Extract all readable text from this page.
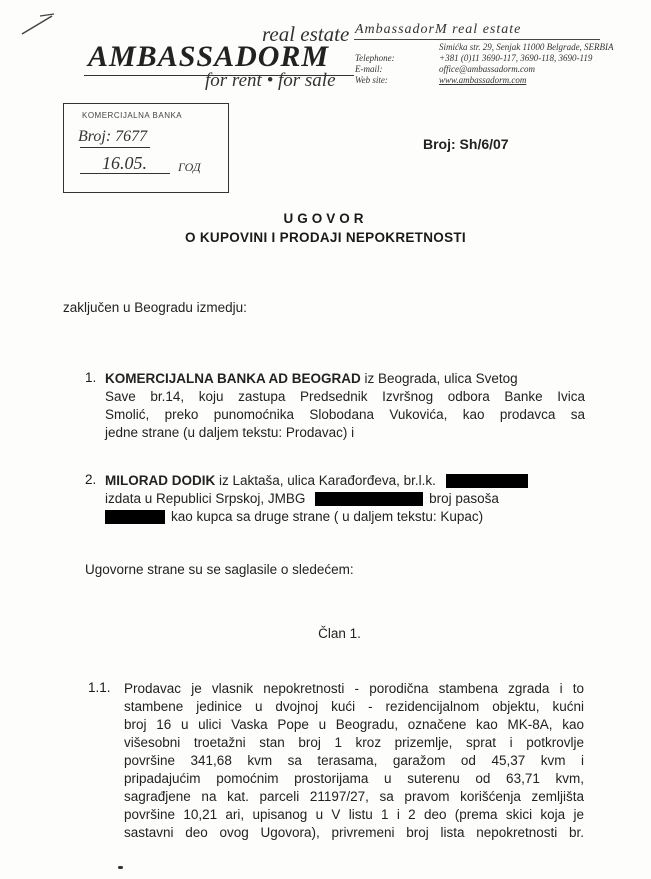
real estate
AMBASSADORM
for rent • for sale
AmbassadorM real estate
Simićka str. 29, Senjak 11000 Belgrade, SERBIA
Telephone:	+381 (0)11 3690-117, 3690-118, 3690-119
E-mail:	office@ambassadorm.com
Web site:	www.ambassadorm.com
KOMERCIJALNA BANKA
Broj: 7677
16.05.	ГОД
Broj: Sh/6/07
UGOVOR
O KUPOVINI I PRODAJI NEPOKRETNOSTI
zaključen u Beogradu izmedju:
1. KOMERCIJALNA BANKA AD BEOGRAD iz Beograda, ulica Svetog
Save br.14, koju zastupa Predsednik Izvršnog odbora Banke Ivica
Smolić, preko punomoćnika Slobodana Vukovića, kao prodavca sa
jedne strane (u daljem tekstu: Prodavac) i
2. MILORAD DODIK iz Laktaša, ulica Karađorđeva, br.l.k.
izdata u Republici Srpskoj, JMBG	broj pasoša
kao kupca sa druge strane ( u daljem tekstu: Kupac)
Ugovorne strane su se saglasile o sledećem:
Član 1.
1.1. Prodavac je vlasnik nepokretnosti - porodična stambena zgrada i to
stambene jedinice u dvojnoj kući - rezidencijalnom objektu, kućni
broj 16 u ulici Vaska Pope u Beogradu, označene kao MK-8A, kao
višesobni troetažni stan broj 1 kroz prizemlje, sprat i potkrovlje
površine 341,68 kvm sa terasama, garažom od 45,37 kvm i
pripadajućim pomoćnim prostorijama u suterenu od 63,71 kvm,
sagrađjene na kat. parceli 21197/27, sa pravom korišćenja zemljišta
površine 10,21 ari, upisanog u V listu 1 i 2 deo (prema skici koja je
sastavni deo ovog Ugovora), privremeni broj lista nepokretnosti br.
